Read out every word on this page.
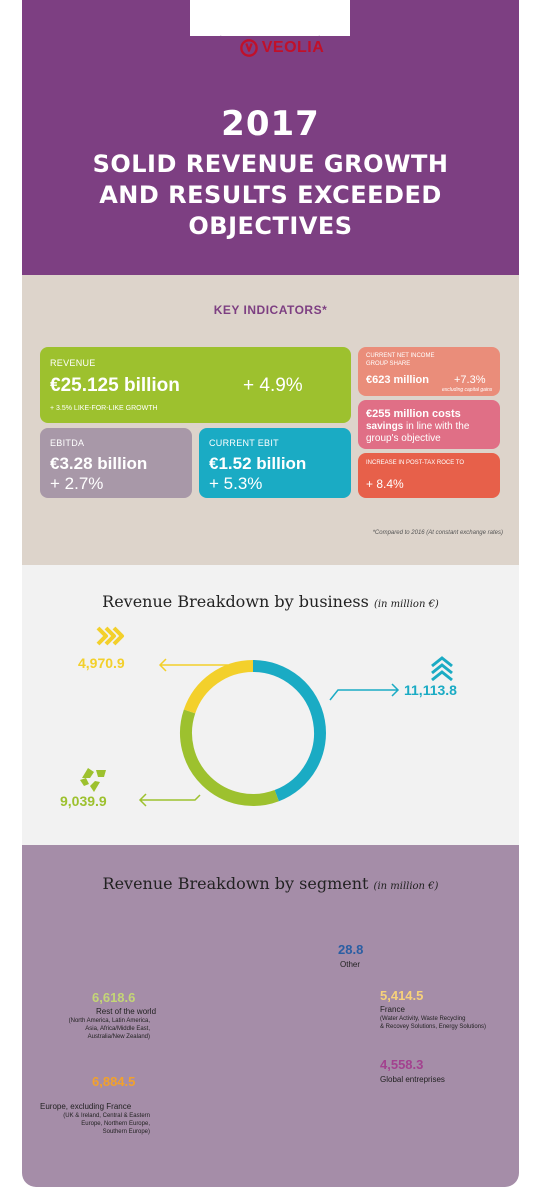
VEOLIA
2017
SOLID REVENUE GROWTH
AND RESULTS EXCEEDED
OBJECTIVES
KEY INDICATORS*
REVENUE
€25.125 billion	+ 4.9%
+ 3.5% LIKE-FOR-LIKE GROWTH
EBITDA
€3.28 billion
+ 2.7%
CURRENT EBIT
€1.52 billion
+ 5.3%
CURRENT NET INCOME
GROUP SHARE
€623 million +7.3%
excluding capital gains
€255 million costs
savings in line with the
group's objective
INCREASE IN POST-TAX ROCE TO
+ 8.4%
*Compared to 2016 (At constant exchange rates)
Revenue Breakdown by business (in million €)
4,970.9
11,113.8
9,039.9
Revenue Breakdown by segment (in million €)
28.8
Other
5,414.5
France
(Water Activity, Waste Recycling
& Recovey Solutions, Energy Solutions)
4,558.3
Global entreprises
6,618.6
Rest of the world
(North America, Latin America,
Asia, Africa/Middle East,
Australia/New Zealand)
6,884.5
Europe, excluding France
(UK & Ireland, Central & Eastern
Europe, Northern Europe,
Southern Europe)
